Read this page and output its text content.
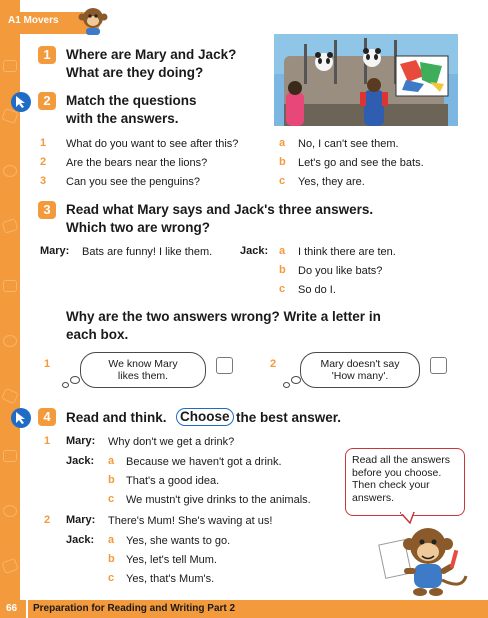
A1 Movers
1	Where are Mary and Jack?
What are they doing?
2	Match the questions
with the answers.
1 What do you want to see after this?
2 Are the bears near the lions?
3 Can you see the penguins?
a No, I can't see them.
b Let's go and see the bats.
c Yes, they are.
3	Read what Mary says and Jack's three answers.
Which two are wrong?
Mary: Bats are funny! I like them.	Jack: a I think there are ten.
b Do you like bats?
c So do I.
Why are the two answers wrong? Write a letter in
each box.
1	We know Mary
likes them.
2	Mary doesn't say
'How many'.
4	Read and think. Choose the best answer.
1 Mary: Why don't we get a drink?
Jack: a Because we haven't got a drink.
b That's a good idea.
c We mustn't give drinks to the animals.
2 Mary: There's Mum! She's waving at us!
Jack: a Yes, she wants to go.
b Yes, let's tell Mum.
c Yes, that's Mum's.
Read all the answers
before you choose.
Then check your
answers.
66 Preparation for Reading and Writing Part 2
